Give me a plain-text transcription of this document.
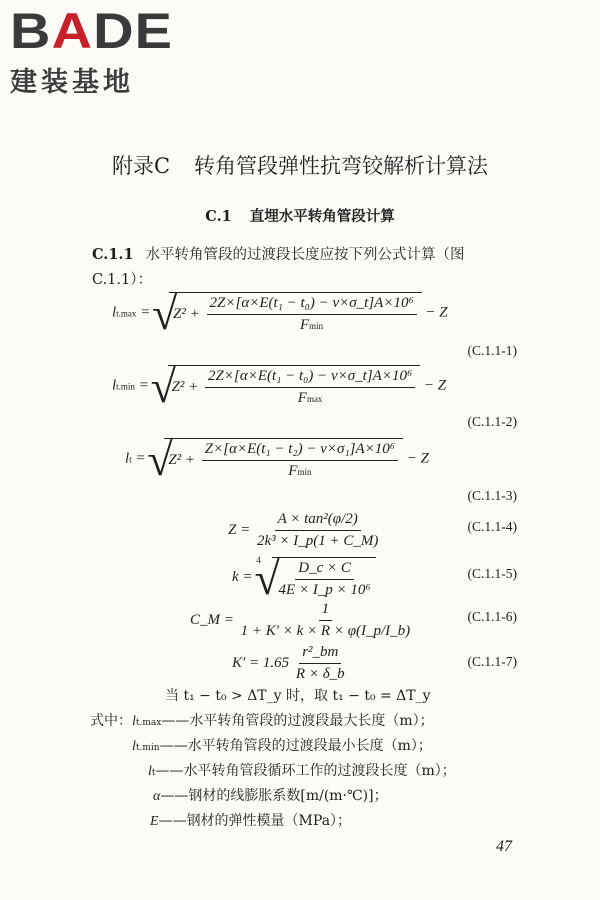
BADE
建装基地
附录C 转角管段弹性抗弯铰解析计算法
C.1 直埋水平转角管段计算
C.1.1 水平转角管段的过渡段长度应按下列公式计算（图C.1.1）：
lt.max = √ $Z^2 + \frac{\text{2Z×[α×E(t₁ − t₀) − ν×σ\_t]A×10⁶}}{Fmin} - Z$
(C.1.1-1)
lt.min = √ $Z^2 + \frac{\text{2Z×[α×E(t₁ − t₀) − ν×σ\_t]A×10⁶}}{Fmax} - Z$
(C.1.1-2)
lt = √ $Z^2 + \frac{\text{Z×[α×E(t₁ − t₂) − ν×σ₁]A×10⁶}}{Fmin} - Z$
(C.1.1-3)
$Z = \frac{\text{A × tan²(φ/2)}}{\text{2k³ × I\_p(1 + C\_M)}}$	(C.1.1-4)
k = $^4$
√ $\frac{D\_c \times C}{\text{4E × I\_p × 10⁶}}$	(C.1.1-5)
C_M = $\frac{1}{1 + K' \times k \times R \times \varphi(I\_p/I\_b)}$	(C.1.1-6)
$K' = 1.65 \frac{\text{r²\_bm}}{R \times \delta\_b}$	(C.1.1-7)
当 t₁ − t₀ > ΔT_y 时，取 t₁ − t₀ = ΔT_y
式中：lt.max——水平转角管段的过渡段最大长度（m）；
lt.min——水平转角管段的过渡段最小长度（m）；
lt——水平转角管段循环工作的过渡段长度（m）；
α——钢材的线膨胀系数[m/(m·℃)]；
E——钢材的弹性模量（MPa）；
47
